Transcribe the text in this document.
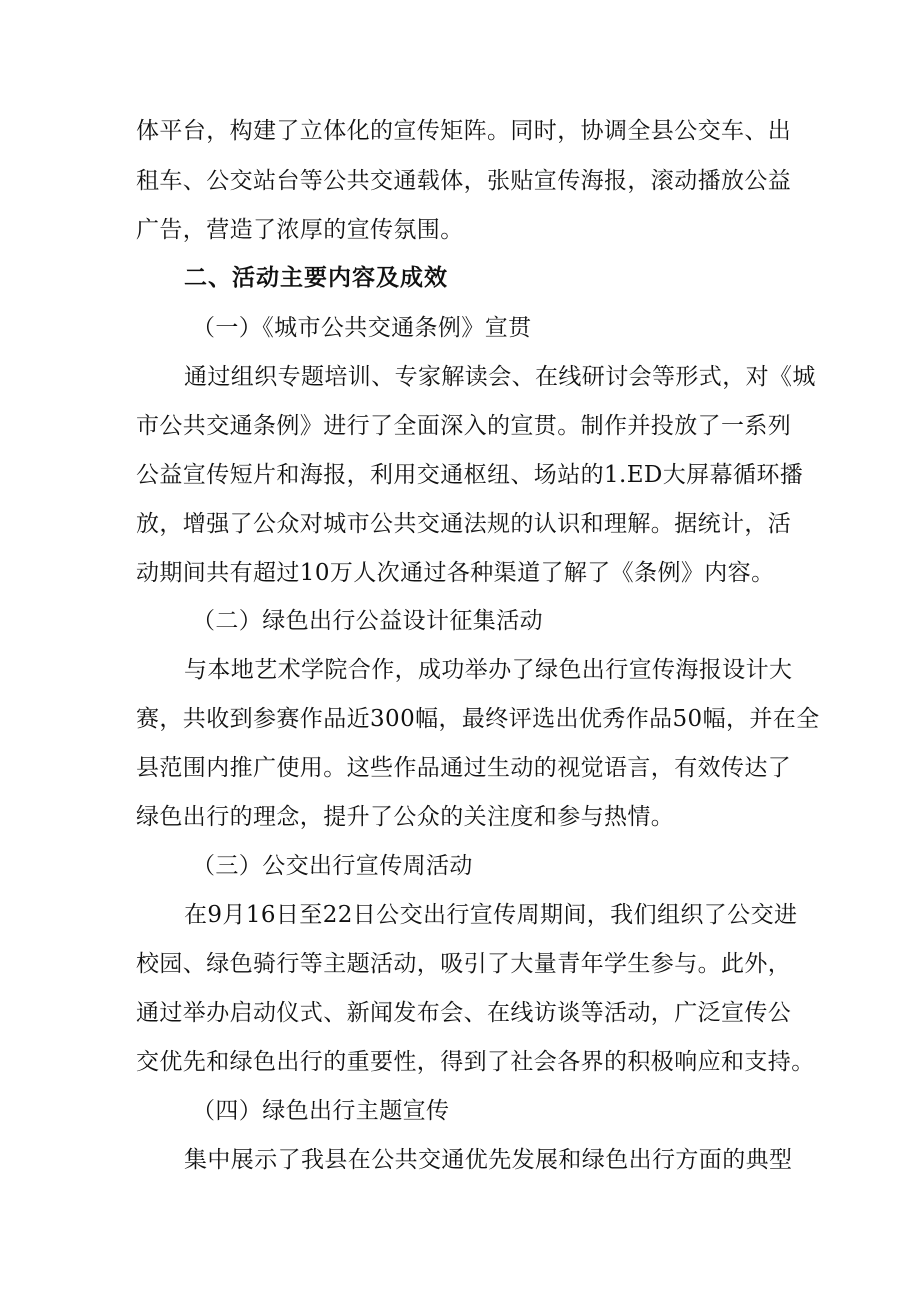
体平台，构建了立体化的宣传矩阵。同时，协调全县公交车、出
租车、公交站台等公共交通载体，张贴宣传海报，滚动播放公益
广告，营造了浓厚的宣传氛围。
二、活动主要内容及成效
（一）《城市公共交通条例》宣贯
通过组织专题培训、专家解读会、在线研讨会等形式，对《城
市公共交通条例》进行了全面深入的宣贯。制作并投放了一系列
公益宣传短片和海报，利用交通枢纽、场站的1.ED大屏幕循环播
放，增强了公众对城市公共交通法规的认识和理解。据统计，活
动期间共有超过10万人次通过各种渠道了解了《条例》内容。
（二）绿色出行公益设计征集活动
与本地艺术学院合作，成功举办了绿色出行宣传海报设计大
赛，共收到参赛作品近300幅，最终评选出优秀作品50幅，并在全
县范围内推广使用。这些作品通过生动的视觉语言，有效传达了
绿色出行的理念，提升了公众的关注度和参与热情。
（三）公交出行宣传周活动
在9月16日至22日公交出行宣传周期间，我们组织了公交进
校园、绿色骑行等主题活动，吸引了大量青年学生参与。此外，
通过举办启动仪式、新闻发布会、在线访谈等活动，广泛宣传公
交优先和绿色出行的重要性，得到了社会各界的积极响应和支持。
（四）绿色出行主题宣传
集中展示了我县在公共交通优先发展和绿色出行方面的典型
